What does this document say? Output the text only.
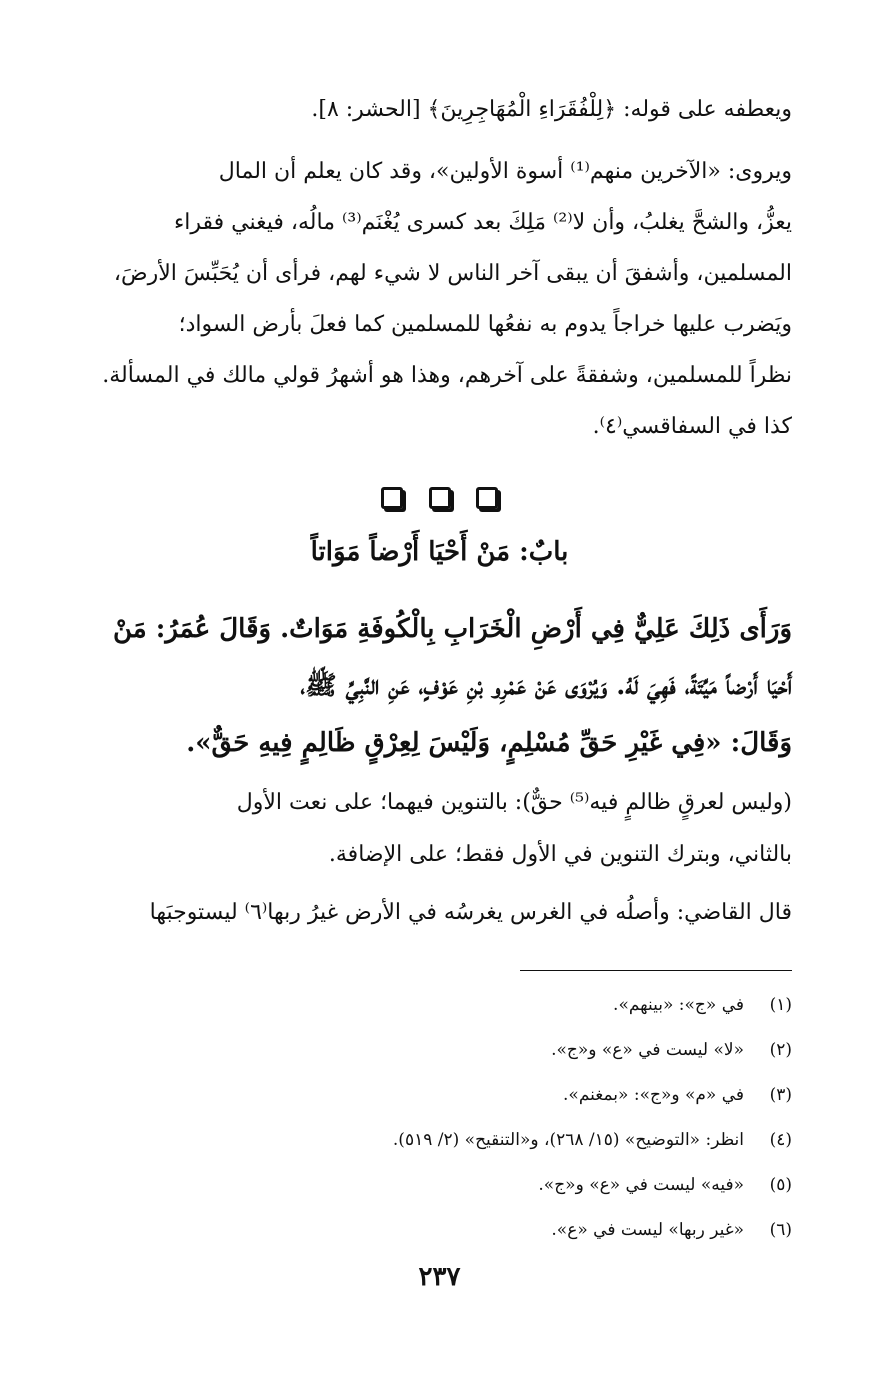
ويعطفه على قوله: ﴿لِلْفُقَرَاءِ الْمُهَاجِرِينَ﴾ [الحشر: ٨].

ويروى: «الآخرين منهم⁽¹⁾ أسوة الأولين»، وقد كان يعلم أن المال

يعزُّ، والشحَّ يغلبُ، وأن لا⁽²⁾ مَلِكَ بعد كسرى يُغْنَم⁽³⁾ مالُه، فيغني فقراء

المسلمين، وأشفقَ أن يبقى آخر الناس لا شيء لهم، فرأى أن يُحَبِّسَ الأرضَ،

ويَضرب عليها خراجاً يدوم به نفعُها للمسلمين كما فعلَ بأرض السواد؛

نظراً للمسلمين، وشفقةً على آخرهم، وهذا هو أشهرُ قولي مالك في المسألة.

كذا في السفاقسي⁽٤⁾.

بابٌ: مَنْ أَحْيَا أَرْضاً مَوَاتاً

وَرَأَى ذَلِكَ عَلِيٌّ فِي أَرْضِ الْخَرَابِ بِالْكُوفَةِ مَوَاتٌ. وَقَالَ عُمَرُ: مَنْ

أَحْيَا أَرْضاً مَيِّتَةً، فَهِيَ لَهُ. وَيُرْوَى عَنْ عَمْرِو بْنِ عَوْفٍ، عَنِ النَّبِيِّ ﷺ،

وَقَالَ: «فِي غَيْرِ حَقِّ مُسْلِمٍ، وَلَيْسَ لِعِرْقٍ ظَالِمٍ فِيهِ حَقٌّ».

(وليس لعرقٍ ظالمٍ فيه⁽⁵⁾ حقٌّ): بالتنوين فيهما؛ على نعت الأول

بالثاني، وبترك التنوين في الأول فقط؛ على الإضافة.

قال القاضي: وأصلُه في الغرس يغرسُه في الأرض غيرُ ربها⁽٦⁾ ليستوجبَها

(١)في «ج»: «بينهم».

(٢)«لا» ليست في «ع» و«ج».

(٣)في «م» و«ج»: «بمغنم».

(٤)انظر: «التوضيح» (١٥/ ٢٦٨)، و«التنقيح» (٢/ ٥١٩).

(٥)«فيه» ليست في «ع» و«ج».

(٦)«غير ربها» ليست في «ع».

٢٣٧
